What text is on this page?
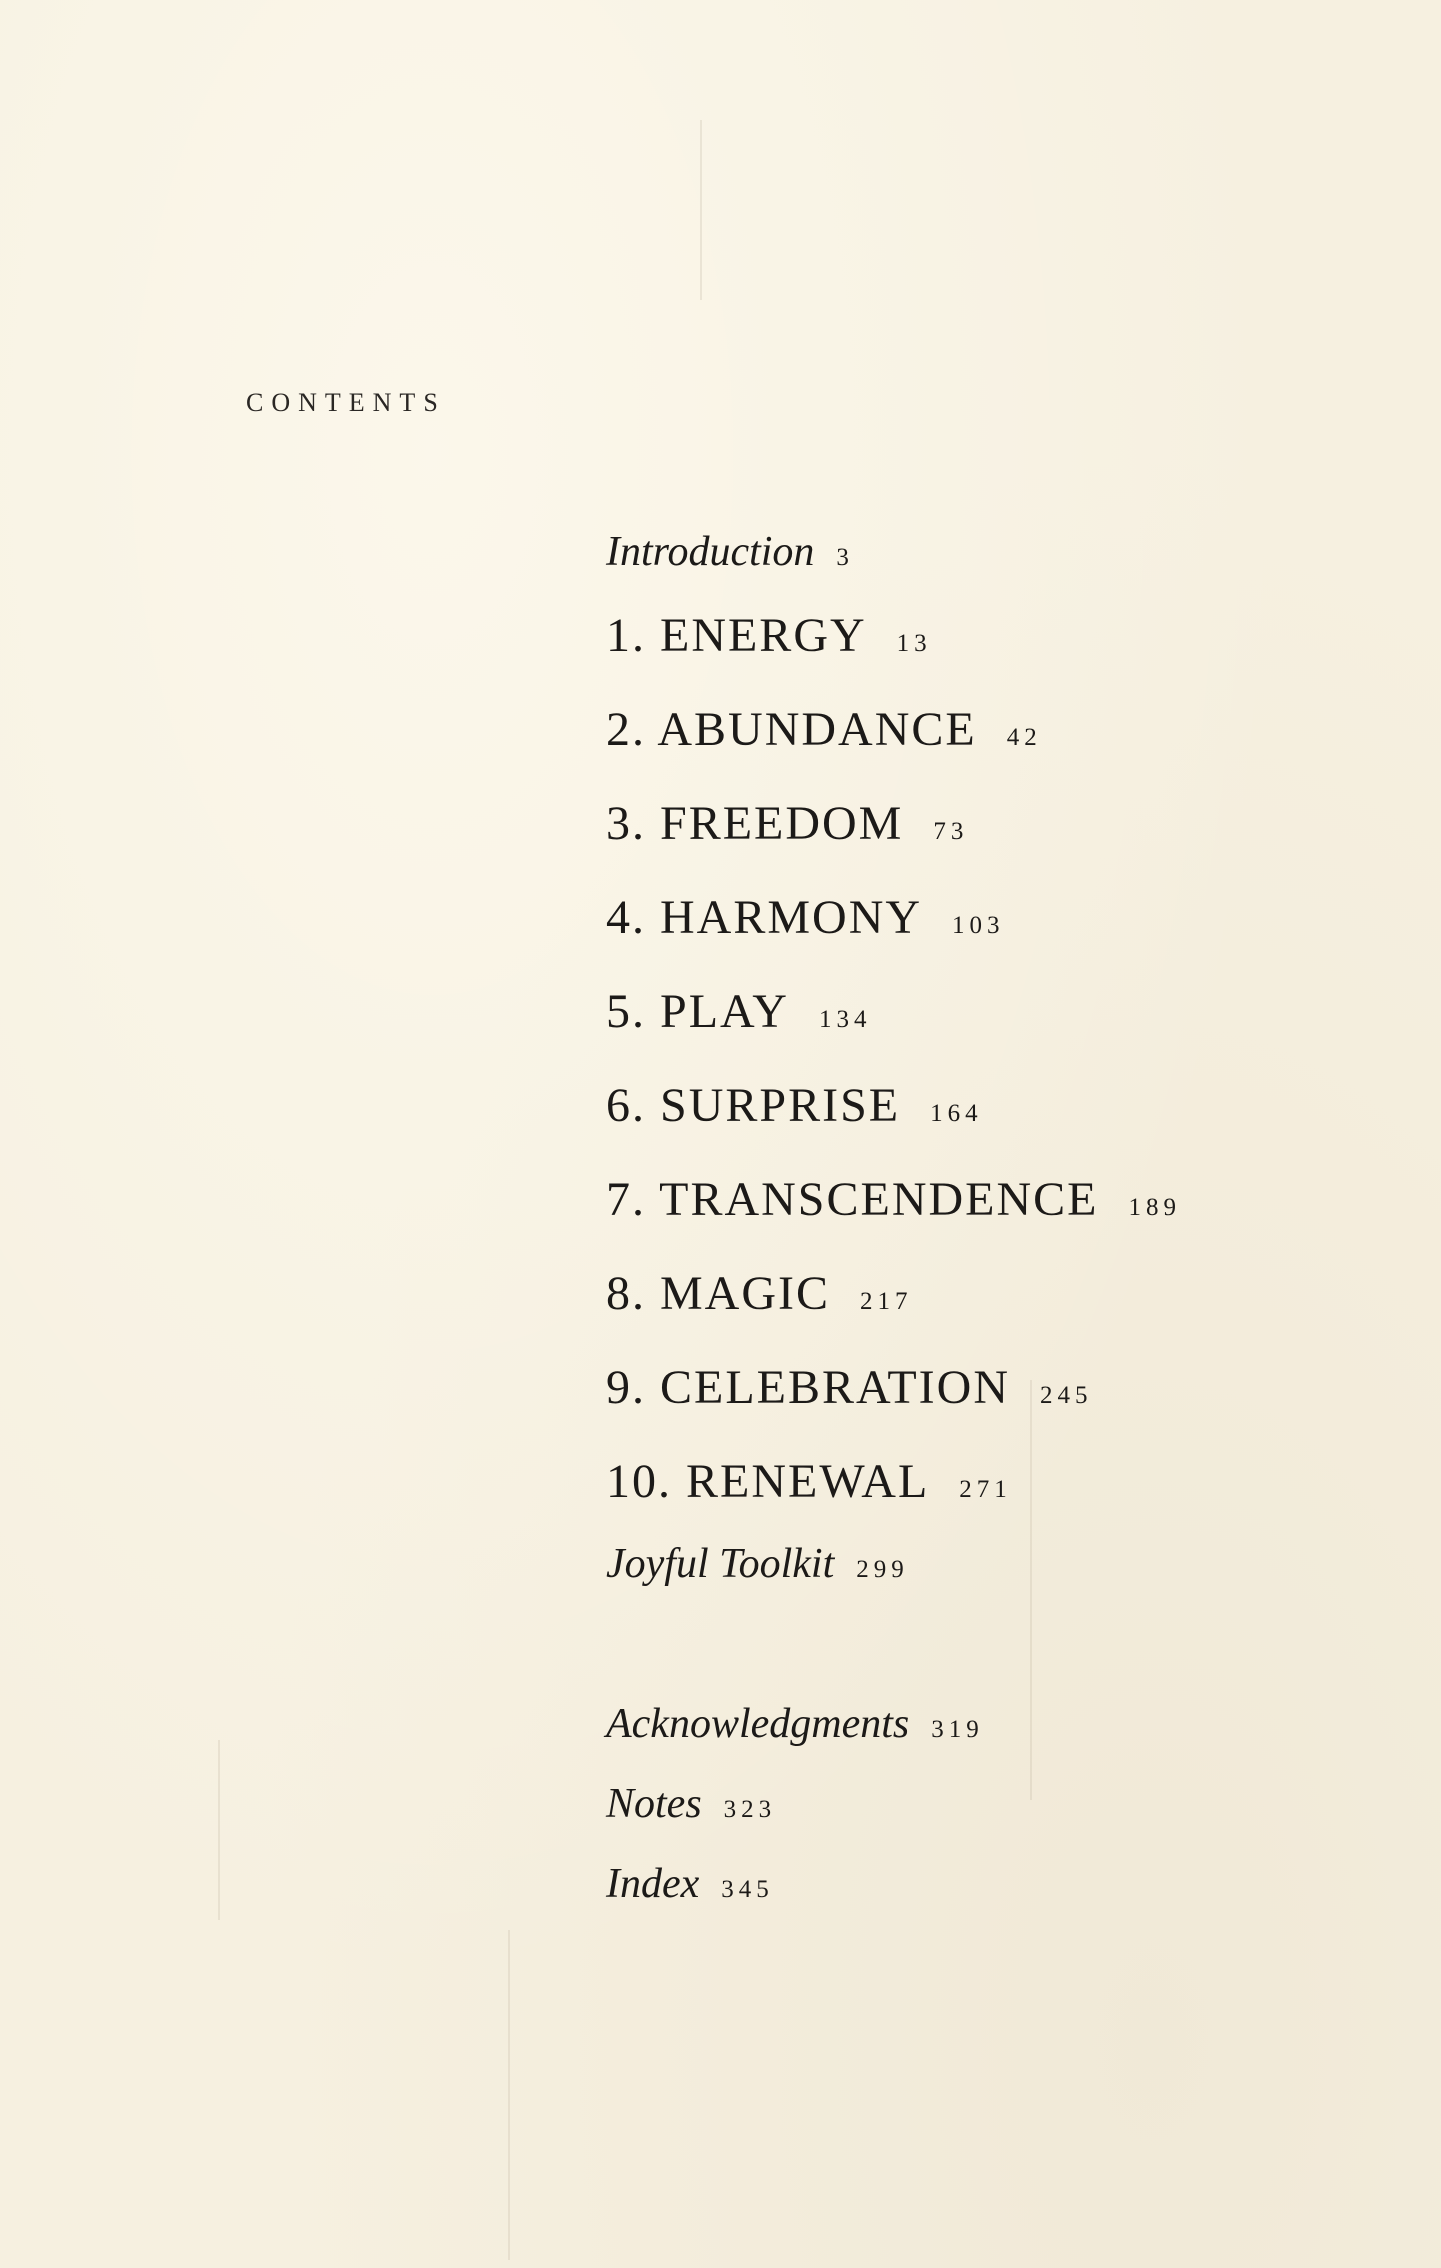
CONTENTS
Introduction 3
1. ENERGY 13
2. ABUNDANCE 42
3. FREEDOM 73
4. HARMONY 103
5. PLAY 134
6. SURPRISE 164
7. TRANSCENDENCE 189
8. MAGIC 217
9. CELEBRATION 245
10. RENEWAL 271
Joyful Toolkit 299
Acknowledgments 319
Notes 323
Index 345
